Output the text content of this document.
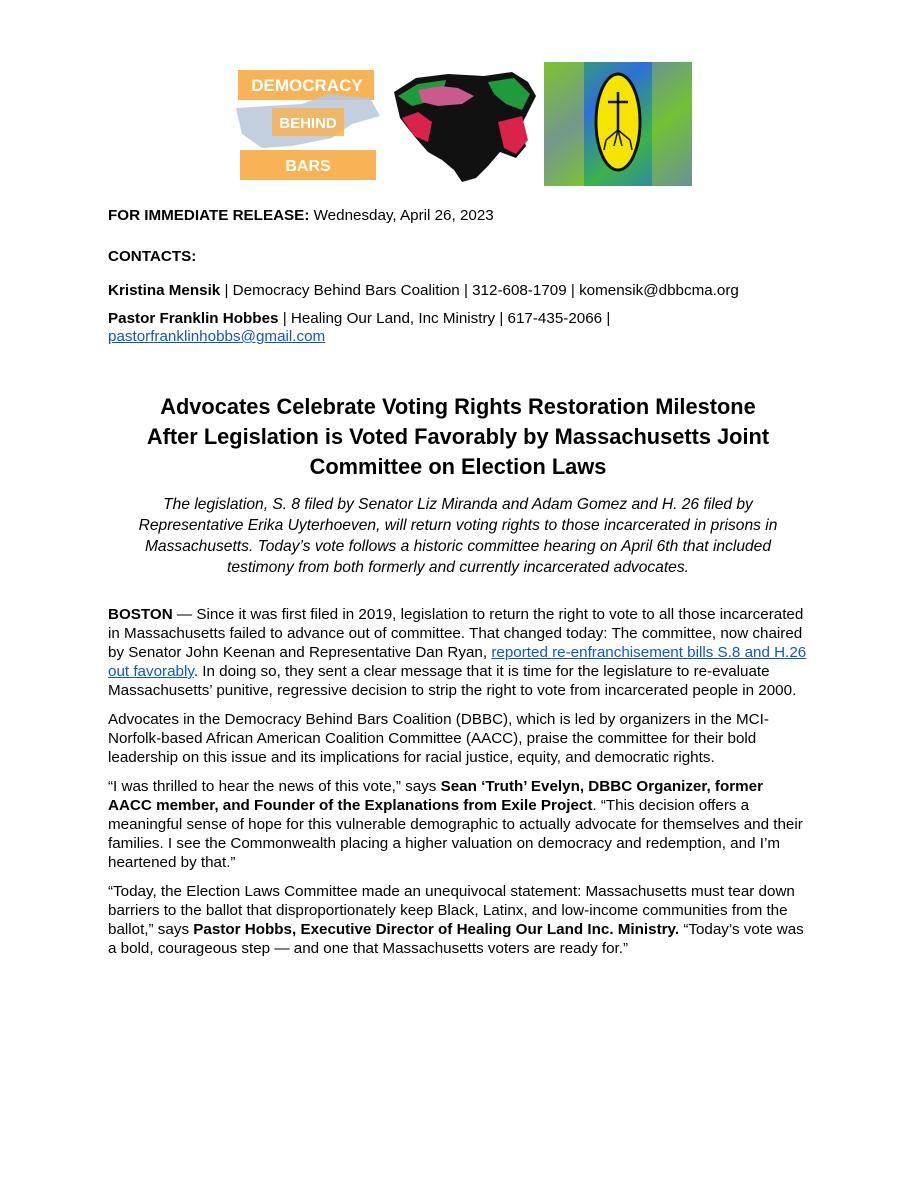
DEMOCRACY
BEHIND
BARS
FOR IMMEDIATE RELEASE: Wednesday, April 26, 2023
CONTACTS:
Kristina Mensik | Democracy Behind Bars Coalition | 312-608-1709 | komensik@dbbcma.org
Pastor Franklin Hobbes | Healing Our Land, Inc Ministry | 617-435-2066 |
pastorfranklinhobbs@gmail.com
Advocates Celebrate Voting Rights Restoration Milestone
After Legislation is Voted Favorably by Massachusetts Joint
Committee on Election Laws
The legislation, S. 8 filed by Senator Liz Miranda and Adam Gomez and H. 26 filed by
Representative Erika Uyterhoeven, will return voting rights to those incarcerated in prisons in
Massachusetts. Today’s vote follows a historic committee hearing on April 6th that included
testimony from both formerly and currently incarcerated advocates.

BOSTON — Since it was first filed in 2019, legislation to return the right to vote to all those incarcerated in Massachusetts failed to advance out of committee. That changed today: The committee, now chaired by Senator John Keenan and Representative Dan Ryan, reported re-enfranchisement bills S.8 and H.26 out favorably. In doing so, they sent a clear message that it is time for the legislature to re-evaluate Massachusetts’ punitive, regressive decision to strip the right to vote from incarcerated people in 2000.

Advocates in the Democracy Behind Bars Coalition (DBBC), which is led by organizers in the MCI-Norfolk-based African American Coalition Committee (AACC), praise the committee for their bold leadership on this issue and its implications for racial justice, equity, and democratic rights.

“I was thrilled to hear the news of this vote,” says Sean ‘Truth’ Evelyn, DBBC Organizer, former AACC member, and Founder of the Explanations from Exile Project. “This decision offers a meaningful sense of hope for this vulnerable demographic to actually advocate for themselves and their families. I see the Commonwealth placing a higher valuation on democracy and redemption, and I’m heartened by that.”

“Today, the Election Laws Committee made an unequivocal statement: Massachusetts must tear down barriers to the ballot that disproportionately keep Black, Latinx, and low-income communities from the ballot,” says Pastor Hobbs, Executive Director of Healing Our Land Inc. Ministry. “Today’s vote was a bold, courageous step — and one that Massachusetts voters are ready for.”
